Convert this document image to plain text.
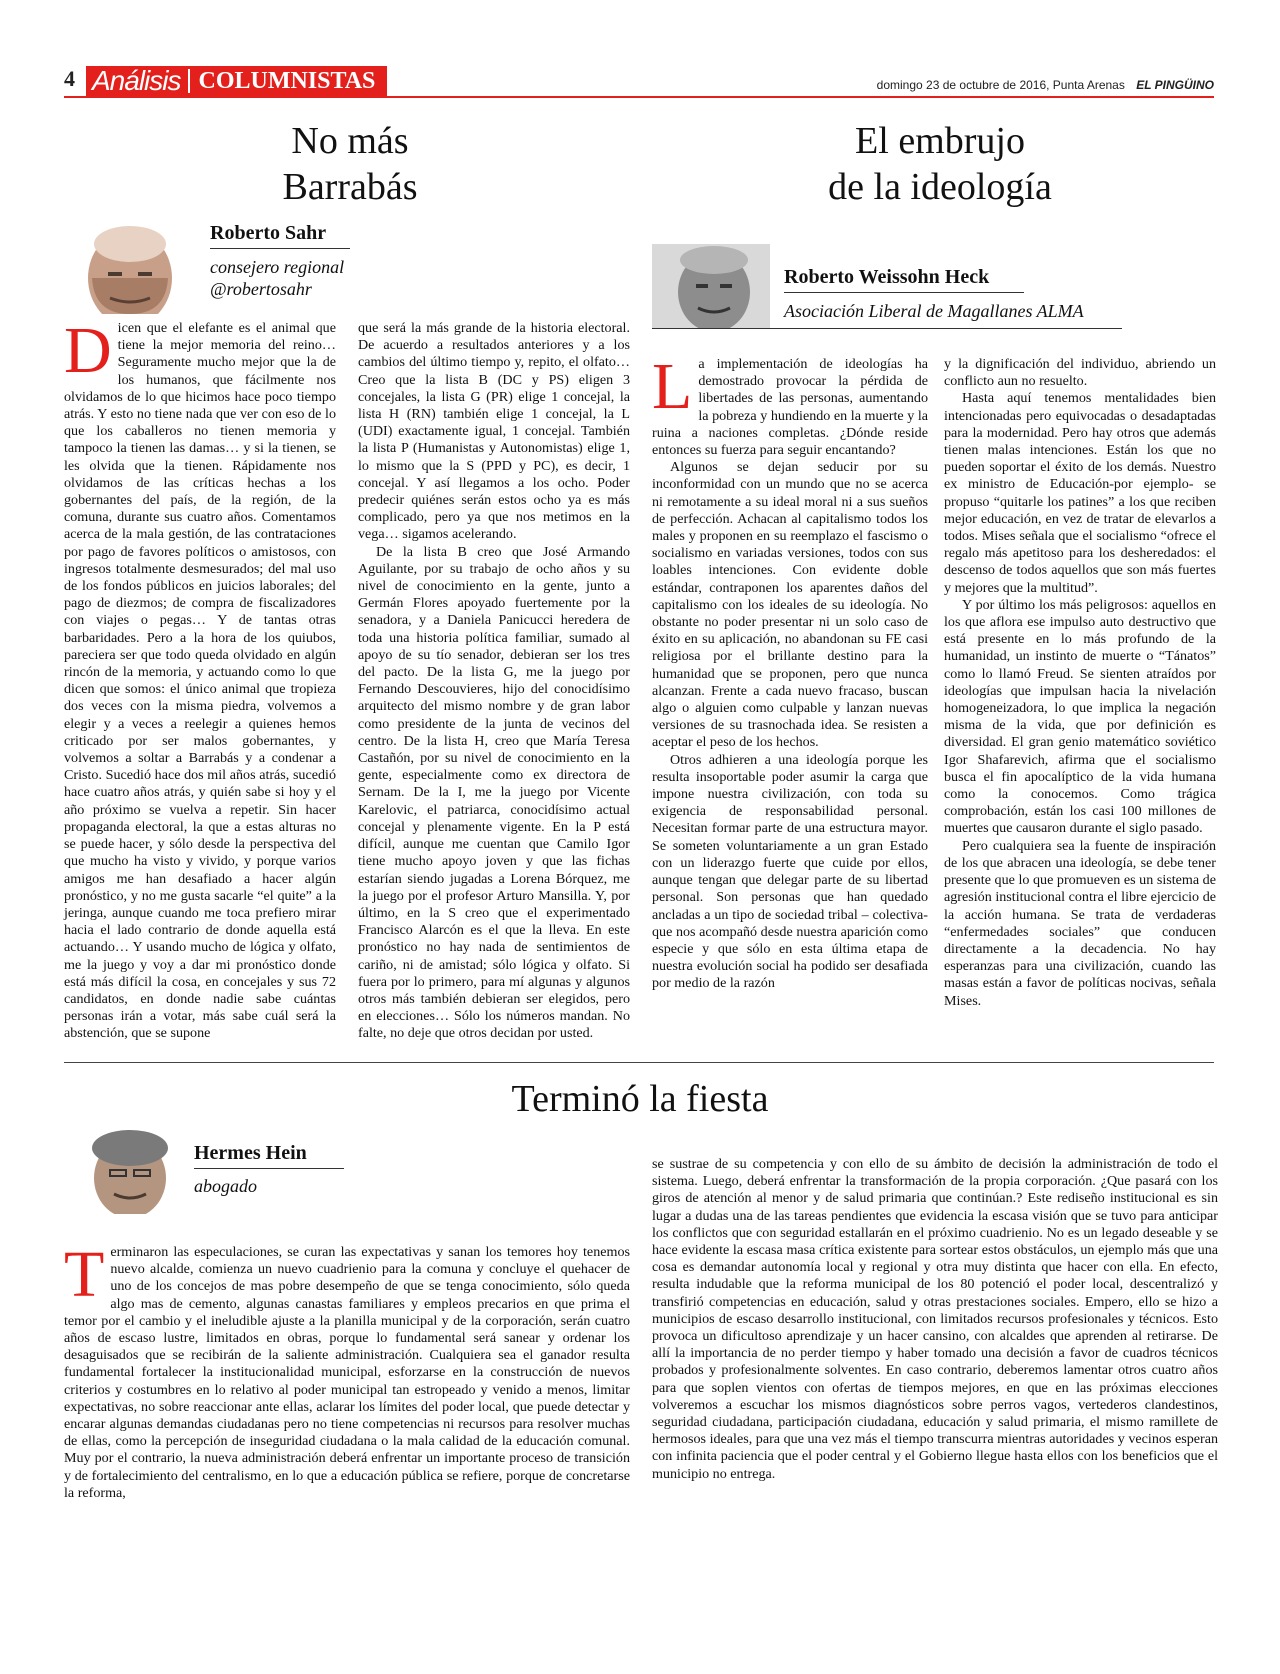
4 Análisis COLUMNISTAS	domingo 23 de octubre de 2016, Punta Arenas EL PINGÜINO
No más
Barrabás
Roberto Sahr
consejero regional
@robertosahr

Dicen que el elefante es el animal que tiene la mejor memoria del reino… Seguramente mucho mejor que la de los humanos, que fácilmente nos olvidamos de lo que hicimos hace poco tiempo atrás. Y esto no tiene nada que ver con eso de lo que los caballeros no tienen memoria y tampoco la tienen las damas… y si la tienen, se les olvida que la tienen. Rápidamente nos olvidamos de las críticas hechas a los gobernantes del país, de la región, de la comuna, durante sus cuatro años. Comentamos acerca de la mala gestión, de las contrataciones por pago de favores políticos o amistosos, con ingresos totalmente desmesurados; del mal uso de los fondos públicos en juicios laborales; del pago de diezmos; de compra de fiscalizadores con viajes o pegas… Y de tantas otras barbaridades. Pero a la hora de los quiubos, pareciera ser que todo queda olvidado en algún rincón de la memoria, y actuando como lo que dicen que somos: el único animal que tropieza dos veces con la misma piedra, volvemos a elegir y a veces a reelegir a quienes hemos criticado por ser malos gobernantes, y volvemos a soltar a Barrabás y a condenar a Cristo. Sucedió hace dos mil años atrás, sucedió hace cuatro años atrás, y quién sabe si hoy y el año próximo se vuelva a repetir. Sin hacer propaganda electoral, la que a estas alturas no se puede hacer, y sólo desde la perspectiva del que mucho ha visto y vivido, y porque varios amigos me han desafiado a hacer algún pronóstico, y no me gusta sacarle “el quite” a la jeringa, aunque cuando me toca prefiero mirar hacia el lado contrario de donde aquella está actuando… Y usando mucho de lógica y olfato, me la juego y voy a dar mi pronóstico donde está más difícil la cosa, en concejales y sus 72 candidatos, en donde nadie sabe cuántas personas irán a votar, más sabe cuál será la abstención, que se supone

que será la más grande de la historia electoral. De acuerdo a resultados anteriores y a los cambios del último tiempo y, repito, el olfato… Creo que la lista B (DC y PS) eligen 3 concejales, la lista G (PR) elige 1 concejal, la lista H (RN) también elige 1 concejal, la L (UDI) exactamente igual, 1 concejal. También la lista P (Humanistas y Autonomistas) elige 1, lo mismo que la S (PPD y PC), es decir, 1 concejal. Y así llegamos a los ocho. Poder predecir quiénes serán estos ocho ya es más complicado, pero ya que nos metimos en la vega… sigamos acelerando.

De la lista B creo que José Armando Aguilante, por su trabajo de ocho años y su nivel de conocimiento en la gente, junto a Germán Flores apoyado fuertemente por la senadora, y a Daniela Panicucci heredera de toda una historia política familiar, sumado al apoyo de su tío senador, debieran ser los tres del pacto. De la lista G, me la juego por Fernando Descouvieres, hijo del conocidísimo arquitecto del mismo nombre y de gran labor como presidente de la junta de vecinos del centro. De la lista H, creo que María Teresa Castañón, por su nivel de conocimiento en la gente, especialmente como ex directora de Sernam. De la I, me la juego por Vicente Karelovic, el patriarca, conocidísimo actual concejal y plenamente vigente. En la P está difícil, aunque me cuentan que Camilo Igor tiene mucho apoyo joven y que las fichas estarían siendo jugadas a Lorena Bórquez, me la juego por el profesor Arturo Mansilla. Y, por último, en la S creo que el experimentado Francisco Alarcón es el que la lleva. En este pronóstico no hay nada de sentimientos de cariño, ni de amistad; sólo lógica y olfato. Si fuera por lo primero, para mí algunas y algunos otros más también debieran ser elegidos, pero en elecciones… Sólo los números mandan. No falte, no deje que otros decidan por usted.

El embrujo
de la ideología
Roberto Weissohn Heck
Asociación Liberal de Magallanes ALMA

La implementación de ideologías ha demostrado provocar la pérdida de libertades de las personas, aumentando la pobreza y hundiendo en la muerte y la ruina a naciones completas. ¿Dónde reside entonces su fuerza para seguir encantando?

Algunos se dejan seducir por su inconformidad con un mundo que no se acerca ni remotamente a su ideal moral ni a sus sueños de perfección. Achacan al capitalismo todos los males y proponen en su reemplazo el fascismo o socialismo en variadas versiones, todos con sus loables intenciones. Con evidente doble estándar, contraponen los aparentes daños del capitalismo con los ideales de su ideología. No obstante no poder presentar ni un solo caso de éxito en su aplicación, no abandonan su FE casi religiosa por el brillante destino para la humanidad que se proponen, pero que nunca alcanzan. Frente a cada nuevo fracaso, buscan algo o alguien como culpable y lanzan nuevas versiones de su trasnochada idea. Se resisten a aceptar el peso de los hechos.

Otros adhieren a una ideología porque les resulta insoportable poder asumir la carga que impone nuestra civilización, con toda su exigencia de responsabilidad personal. Necesitan formar parte de una estructura mayor. Se someten voluntariamente a un gran Estado con un liderazgo fuerte que cuide por ellos, aunque tengan que delegar parte de su libertad personal. Son personas que han quedado ancladas a un tipo de sociedad tribal – colectiva- que nos acompañó desde nuestra aparición como especie y que sólo en esta última etapa de nuestra evolución social ha podido ser desafiada por medio de la razón

y la dignificación del individuo, abriendo un conflicto aun no resuelto.

Hasta aquí tenemos mentalidades bien intencionadas pero equivocadas o desadaptadas para la modernidad. Pero hay otros que además tienen malas intenciones. Están los que no pueden soportar el éxito de los demás. Nuestro ex ministro de Educación-por ejemplo- se propuso “quitarle los patines” a los que reciben mejor educación, en vez de tratar de elevarlos a todos. Mises señala que el socialismo “ofrece el regalo más apetitoso para los desheredados: el descenso de todos aquellos que son más fuertes y mejores que la multitud”.

Y por último los más peligrosos: aquellos en los que aflora ese impulso auto destructivo que está presente en lo más profundo de la humanidad, un instinto de muerte o “Tánatos” como lo llamó Freud. Se sienten atraídos por ideologías que impulsan hacia la nivelación homogeneizadora, lo que implica la negación misma de la vida, que por definición es diversidad. El gran genio matemático soviético Igor Shafarevich, afirma que el socialismo busca el fin apocalíptico de la vida humana como la conocemos. Como trágica comprobación, están los casi 100 millones de muertes que causaron durante el siglo pasado.

Pero cualquiera sea la fuente de inspiración de los que abracen una ideología, se debe tener presente que lo que promueven es un sistema de agresión institucional contra el libre ejercicio de la acción humana. Se trata de verdaderas “enfermedades sociales” que conducen directamente a la decadencia. No hay esperanzas para una civilización, cuando las masas están a favor de políticas nocivas, señala Mises.

Terminó la fiesta
Hermes Hein
abogado

Terminaron las especulaciones, se curan las expectativas y sanan los temores hoy tenemos nuevo alcalde, comienza un nuevo cuadrienio para la comuna y concluye el quehacer de uno de los concejos de mas pobre desempeño de que se tenga conocimiento, sólo queda algo mas de cemento, algunas canastas familiares y empleos precarios en que prima el temor por el cambio y el ineludible ajuste a la planilla municipal y de la corporación, serán cuatro años de escaso lustre, limitados en obras, porque lo fundamental será sanear y ordenar los desaguisados que se recibirán de la saliente administración. Cualquiera sea el ganador resulta fundamental fortalecer la institucionalidad municipal, esforzarse en la construcción de nuevos criterios y costumbres en lo relativo al poder municipal tan estropeado y venido a menos, limitar expectativas, no sobre reaccionar ante ellas, aclarar los límites del poder local, que puede detectar y encarar algunas demandas ciudadanas pero no tiene competencias ni recursos para resolver muchas de ellas, como la percepción de inseguridad ciudadana o la mala calidad de la educación comunal. Muy por el contrario, la nueva administración deberá enfrentar un importante proceso de transición y de fortalecimiento del centralismo, en lo que a educación pública se refiere, porque de concretarse la reforma,

se sustrae de su competencia y con ello de su ámbito de decisión la administración de todo el sistema. Luego, deberá enfrentar la transformación de la propia corporación. ¿Que pasará con los giros de atención al menor y de salud primaria que continúan.? Este rediseño institucional es sin lugar a dudas una de las tareas pendientes que evidencia la escasa visión que se tuvo para anticipar los conflictos que con seguridad estallarán en el próximo cuadrienio. No es un legado deseable y se hace evidente la escasa masa crítica existente para sortear estos obstáculos, un ejemplo más que una cosa es demandar autonomía local y regional y otra muy distinta que hacer con ella. En efecto, resulta indudable que la reforma municipal de los 80 potenció el poder local, descentralizó y transfirió competencias en educación, salud y otras prestaciones sociales. Empero, ello se hizo a municipios de escaso desarrollo institucional, con limitados recursos profesionales y técnicos. Esto provoca un dificultoso aprendizaje y un hacer cansino, con alcaldes que aprenden al retirarse. De allí la importancia de no perder tiempo y haber tomado una decisión a favor de cuadros técnicos probados y profesionalmente solventes. En caso contrario, deberemos lamentar otros cuatro años para que soplen vientos con ofertas de tiempos mejores, en que en las próximas elecciones volveremos a escuchar los mismos diagnósticos sobre perros vagos, vertederos clandestinos, seguridad ciudadana, participación ciudadana, educación y salud primaria, el mismo ramillete de hermosos ideales, para que una vez más el tiempo transcurra mientras autoridades y vecinos esperan con infinita paciencia que el poder central y el Gobierno llegue hasta ellos con los beneficios que el municipio no entrega.
